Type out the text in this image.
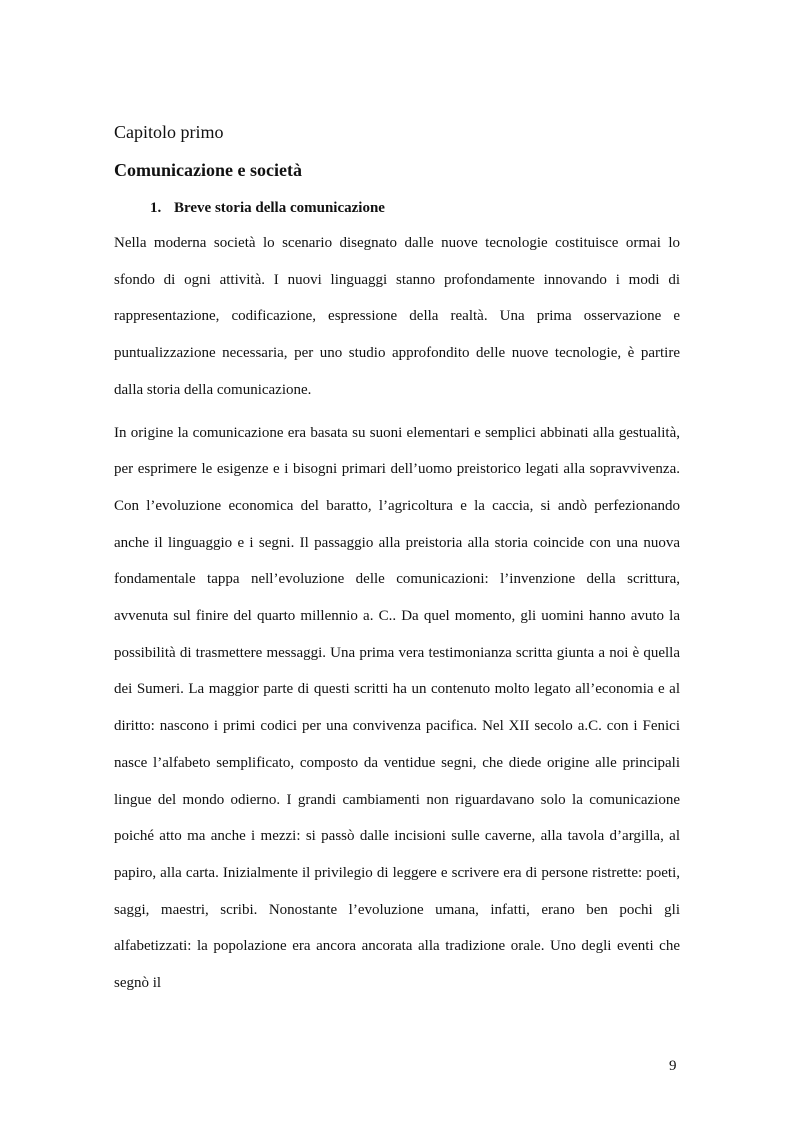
Capitolo primo
Comunicazione e società
1. Breve storia della comunicazione

Nella moderna società lo scenario disegnato dalle nuove tecnologie costituisce ormai lo sfondo di ogni attività. I nuovi linguaggi stanno profondamente innovando i modi di rappresentazione, codificazione, espressione della realtà. Una prima osservazione e puntualizzazione necessaria, per uno studio approfondito delle nuove tecnologie, è partire dalla storia della comunicazione.

In origine la comunicazione era basata su suoni elementari e semplici abbinati alla gestualità, per esprimere le esigenze e i bisogni primari dell’uomo preistorico legati alla sopravvivenza. Con l’evoluzione economica del baratto, l’agricoltura e la caccia, si andò perfezionando anche il linguaggio e i segni. Il passaggio alla preistoria alla storia coincide con una nuova fondamentale tappa nell’evoluzione delle comunicazioni: l’invenzione della scrittura, avvenuta sul finire del quarto millennio a. C.. Da quel momento, gli uomini hanno avuto la possibilità di trasmettere messaggi. Una prima vera testimonianza scritta giunta a noi è quella dei Sumeri. La maggior parte di questi scritti ha un contenuto molto legato all’economia e al diritto: nascono i primi codici per una convivenza pacifica. Nel XII secolo a.C. con i Fenici nasce l’alfabeto semplificato, composto da ventidue segni, che diede origine alle principali lingue del mondo odierno. I grandi cambiamenti non riguardavano solo la comunicazione poiché atto ma anche i mezzi: si passò dalle incisioni sulle caverne, alla tavola d’argilla, al papiro, alla carta. Inizialmente il privilegio di leggere e scrivere era di persone ristrette: poeti, saggi, maestri, scribi. Nonostante l’evoluzione umana, infatti, erano ben pochi gli alfabetizzati: la popolazione era ancora ancorata alla tradizione orale. Uno degli eventi che segnò il

9
